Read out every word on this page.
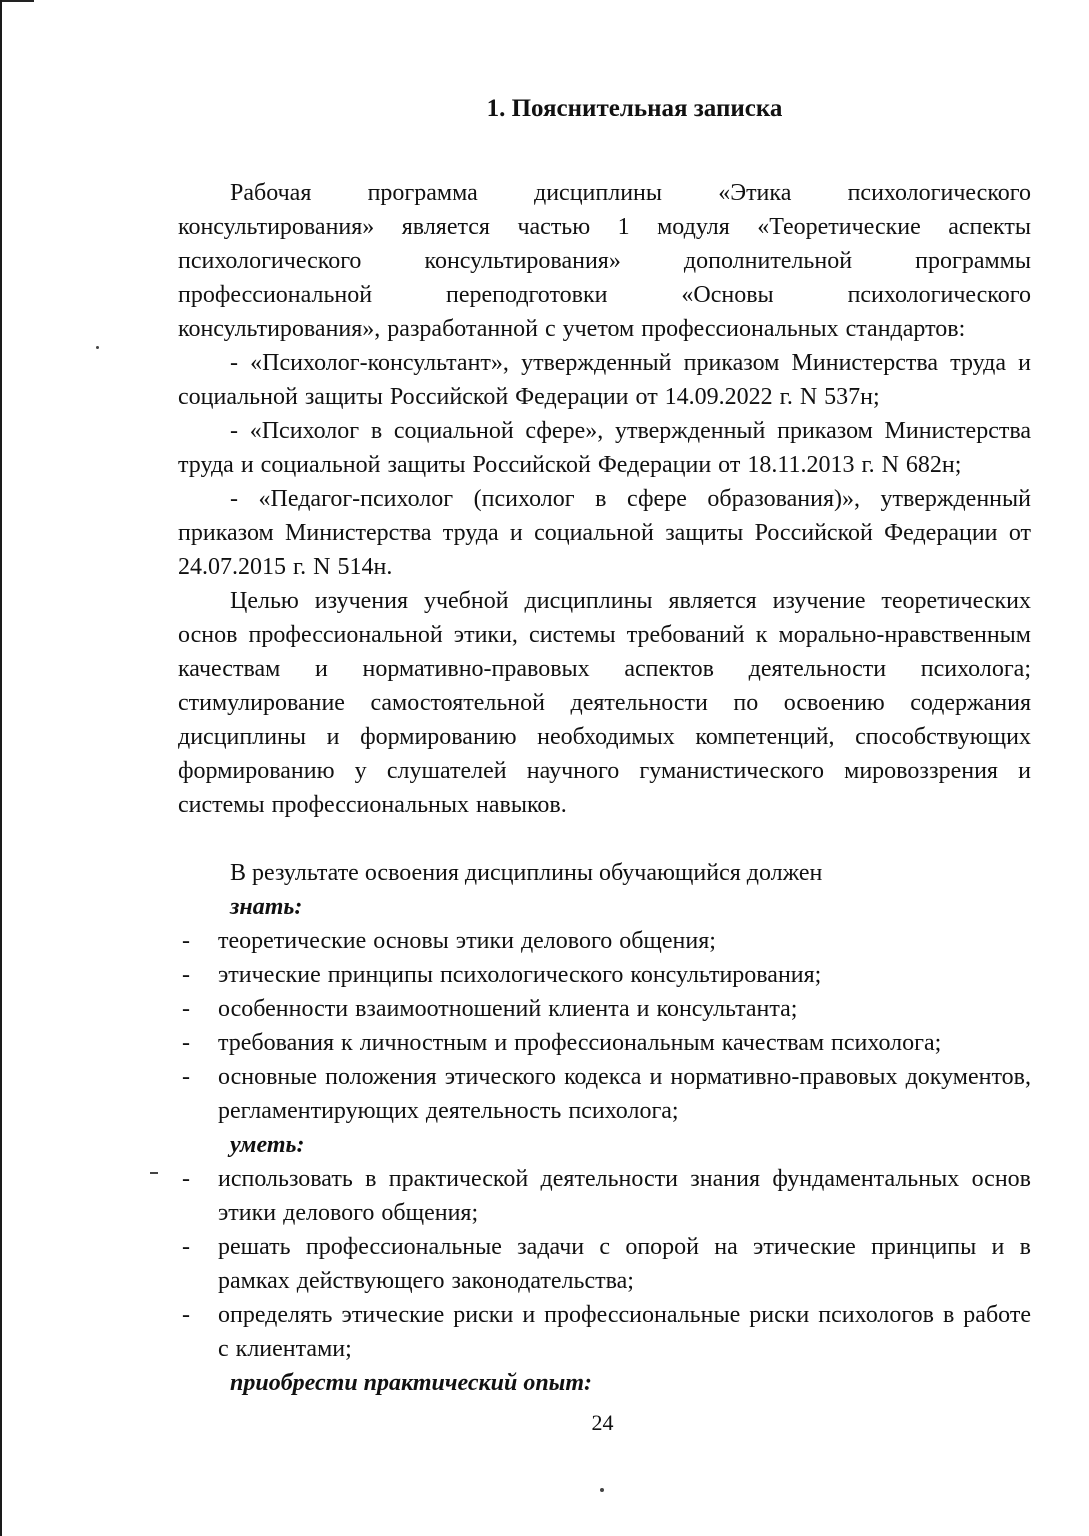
1. Пояснительная записка

Рабочая программа дисциплины «Этика психологического консультирования» является частью 1 модуля «Теоретические аспекты психологического консультирования» дополнительной программы профессиональной переподготовки «Основы психологического консультирования», разработанной с учетом профессиональных стандартов:

- «Психолог-консультант», утвержденный приказом Министерства труда и социальной защиты Российской Федерации от 14.09.2022 г. N 537н;

- «Психолог в социальной сфере», утвержденный приказом Министерства труда и социальной защиты Российской Федерации от 18.11.2013 г. N 682н;

- «Педагог-психолог (психолог в сфере образования)», утвержденный приказом Министерства труда и социальной защиты Российской Федерации от 24.07.2015 г. N 514н.

Целью изучения учебной дисциплины является изучение теоретических основ профессиональной этики, системы требований к морально-нравственным качествам и нормативно-правовых аспектов деятельности психолога; стимулирование самостоятельной деятельности по освоению содержания дисциплины и формированию необходимых компетенций, способствующих формированию у слушателей научного гуманистического мировоззрения и системы профессиональных навыков.

В результате освоения дисциплины обучающийся должен
знать:
- теоретические основы этики делового общения;
- этические принципы психологического консультирования;
- особенности взаимоотношений клиента и консультанта;
- требования к личностным и профессиональным качествам психолога;
- основные положения этического кодекса и нормативно-правовых документов, регламентирующих деятельность психолога;
уметь:
- использовать в практической деятельности знания фундаментальных основ этики делового общения;
- решать профессиональные задачи с опорой на этические принципы и в рамках действующего законодательства;
- определять этические риски и профессиональные риски психологов в работе с клиентами;
приобрести практический опыт:
24
